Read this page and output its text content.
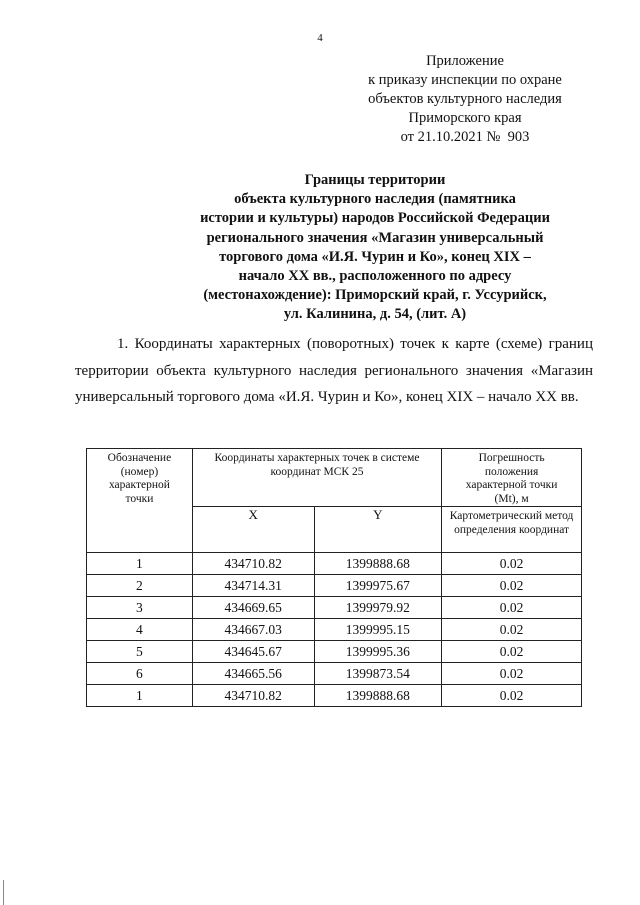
4
Приложение
к приказу инспекции по охране
объектов культурного наследия
Приморского края
от 21.10.2021 №  903
Границы территории
объекта культурного наследия (памятника
истории и культуры) народов Российской Федерации
регионального значения «Магазин универсальный
торгового дома «И.Я. Чурин и Ко», конец XIX –
начало XX вв., расположенного по адресу
(местонахождение): Приморский край, г. Уссурийск,
ул. Калинина, д. 54, (лит. А)
1. Координаты характерных (поворотных) точек к карте (схеме) границ территории объекта культурного наследия регионального значения «Магазин универсальный торгового дома «И.Я. Чурин и Ко», конец XIX – начало XX вв.
Обозначение (номер) характерной точки	Координаты характерных точек в системе координат МСК 25		Погрешность положения характерной точки (Mt), м
	X	Y	Картометрический метод определения координат
1	434710.82	1399888.68	0.02
2	434714.31	1399975.67	0.02
3	434669.65	1399979.92	0.02
4	434667.03	1399995.15	0.02
5	434645.67	1399995.36	0.02
6	434665.56	1399873.54	0.02
1	434710.82	1399888.68	0.02
